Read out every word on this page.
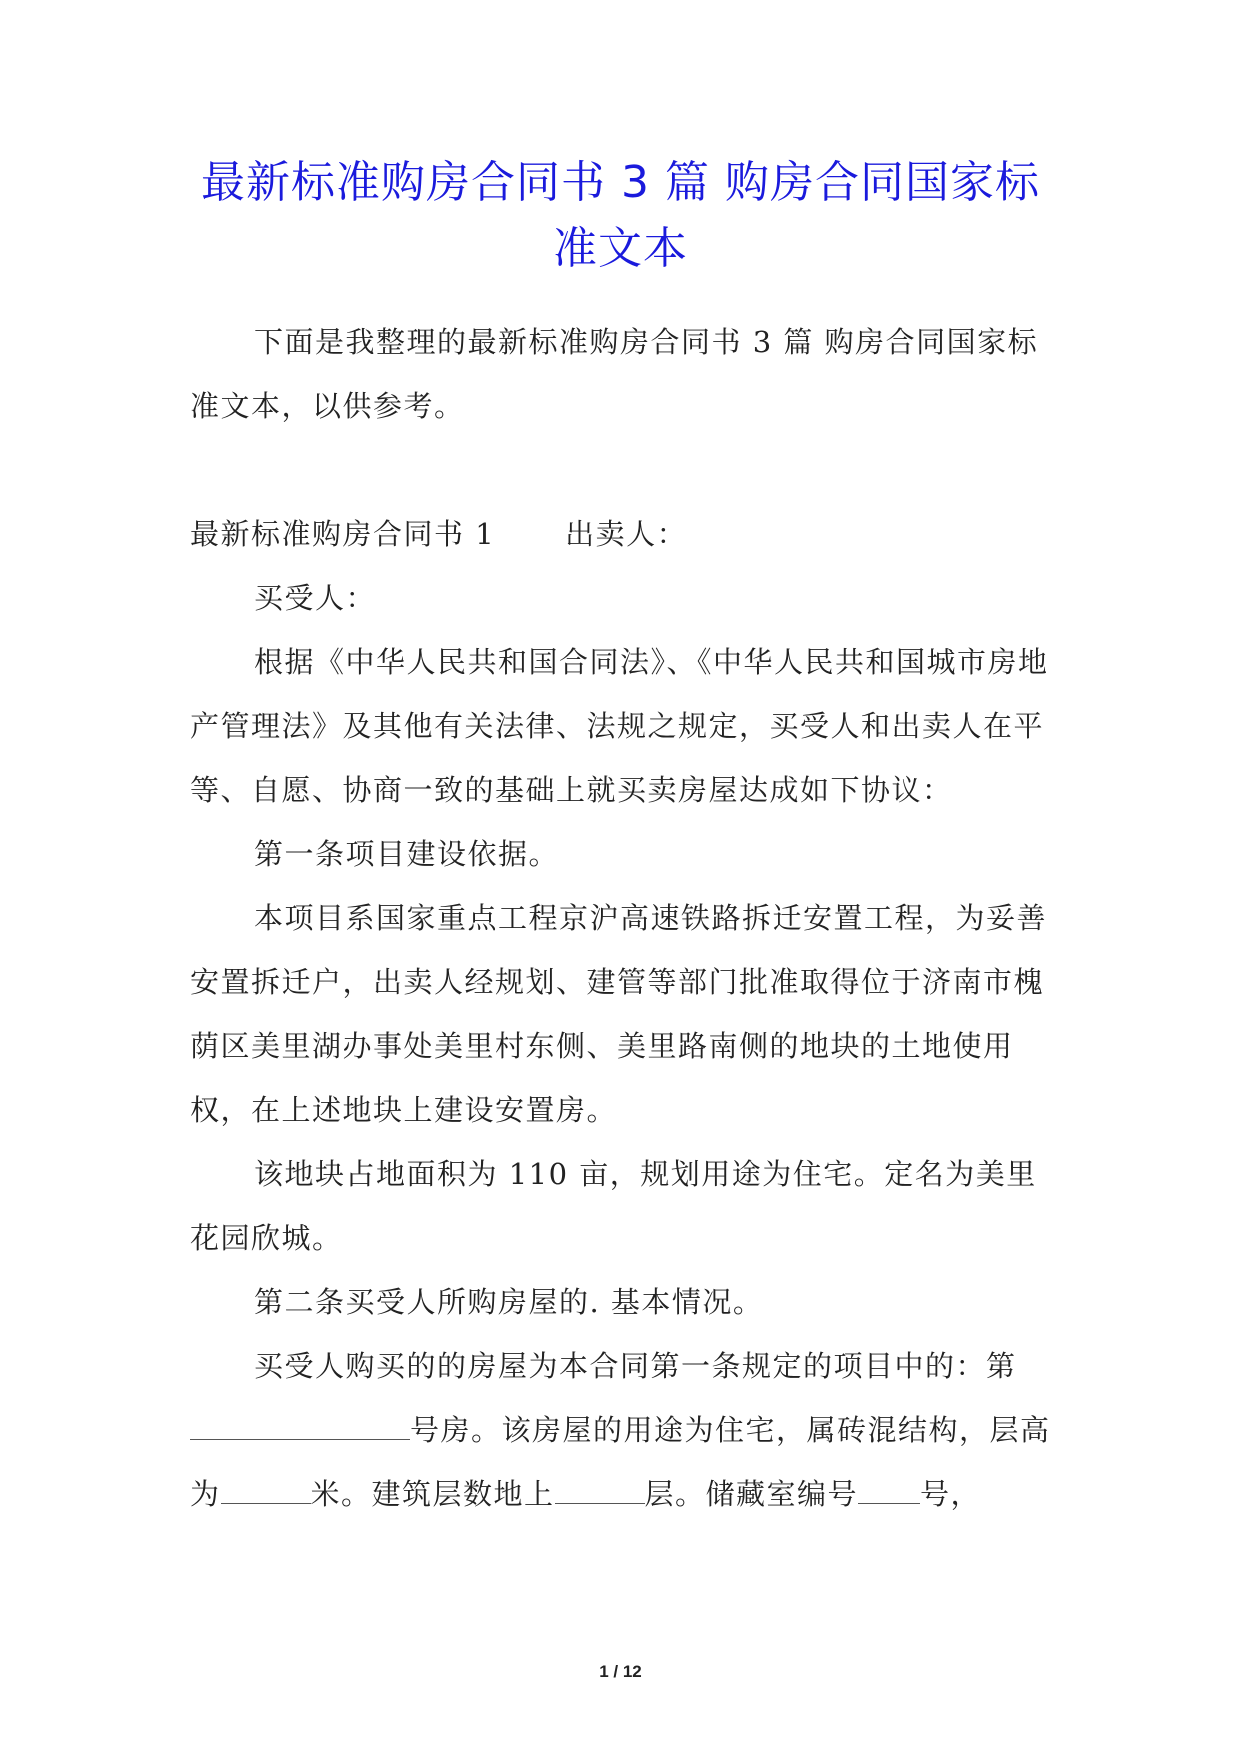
最新标准购房合同书 3 篇 购房合同国家标
准文本

下面是我整理的最新标准购房合同书 3 篇 购房合同国家标准文本，以供参考。

最新标准购房合同书 1 出卖人：

买受人：

根据《中华人民共和国合同法》、《中华人民共和国城市房地产管理法》及其他有关法律、法规之规定，买受人和出卖人在平等、自愿、协商一致的基础上就买卖房屋达成如下协议：

第一条项目建设依据。

本项目系国家重点工程京沪高速铁路拆迁安置工程，为妥善安置拆迁户，出卖人经规划、建管等部门批准取得位于济南市槐荫区美里湖办事处美里村东侧、美里路南侧的地块的土地使用权，在上述地块上建设安置房。

该地块占地面积为 110 亩，规划用途为住宅。定名为美里花园欣城。

第二条买受人所购房屋的. 基本情况。

买受人购买的的房屋为本合同第一条规定的项目中的：第号房。该房屋的用途为住宅，属砖混结构，层高为	米。建筑层数地上	层。储藏室编号 号，

1 / 12
